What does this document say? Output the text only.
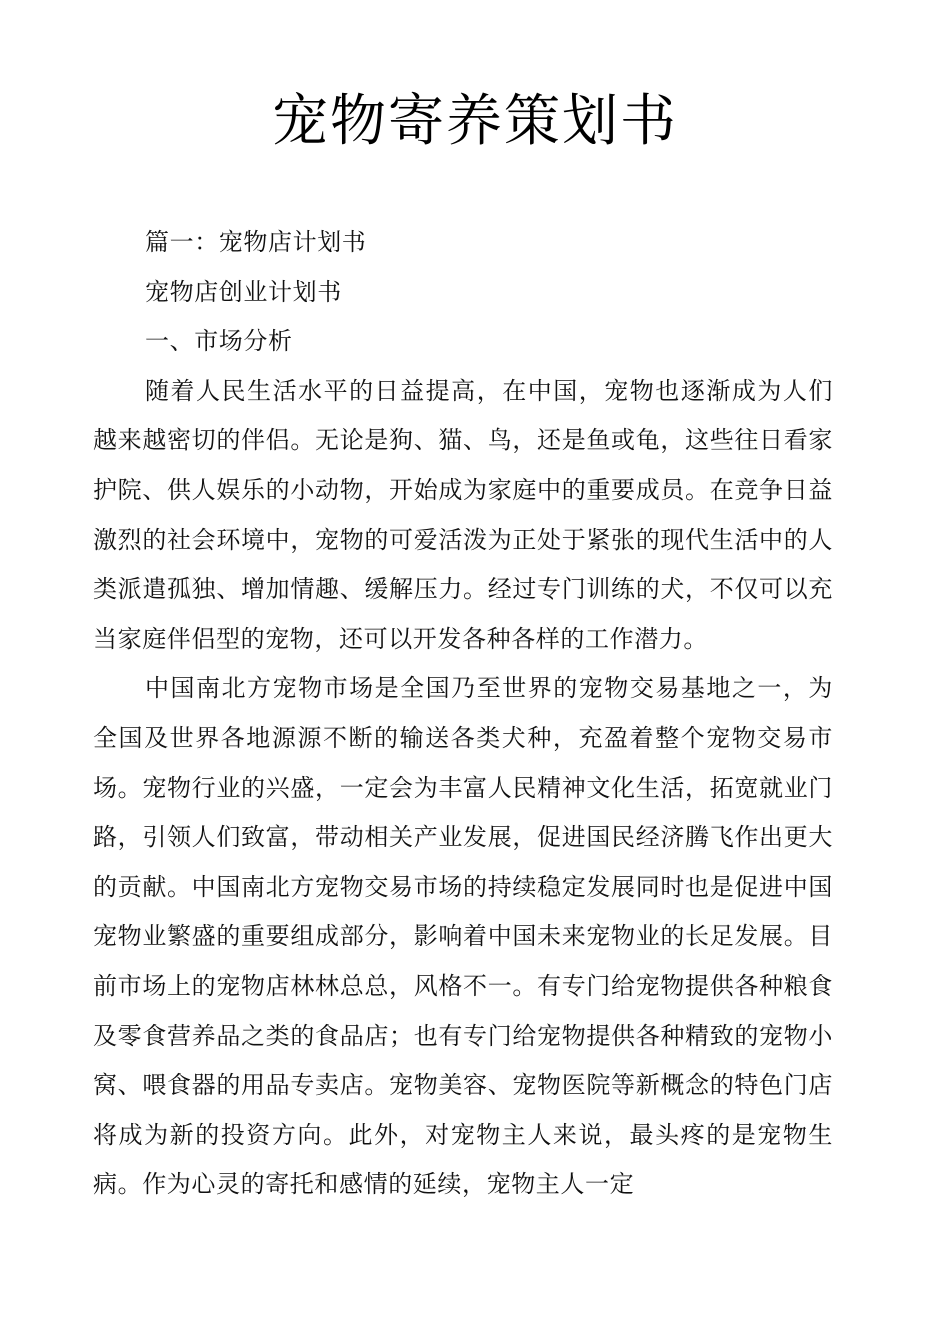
宠物寄养策划书

篇一：宠物店计划书

宠物店创业计划书

一、市场分析

随着人民生活水平的日益提高，在中国，宠物也逐渐成为人们越来越密切的伴侣。无论是狗、猫、鸟，还是鱼或龟，这些往日看家护院、供人娱乐的小动物，开始成为家庭中的重要成员。在竞争日益激烈的社会环境中，宠物的可爱活泼为正处于紧张的现代生活中的人类派遣孤独、增加情趣、缓解压力。经过专门训练的犬，不仅可以充当家庭伴侣型的宠物，还可以开发各种各样的工作潜力。

中国南北方宠物市场是全国乃至世界的宠物交易基地之一，为全国及世界各地源源不断的输送各类犬种，充盈着整个宠物交易市场。宠物行业的兴盛，一定会为丰富人民精神文化生活，拓宽就业门路，引领人们致富，带动相关产业发展，促进国民经济腾飞作出更大的贡献。中国南北方宠物交易市场的持续稳定发展同时也是促进中国宠物业繁盛的重要组成部分，影响着中国未来宠物业的长足发展。目前市场上的宠物店林林总总，风格不一。有专门给宠物提供各种粮食及零食营养品之类的食品店；也有专门给宠物提供各种精致的宠物小窝、喂食器的用品专卖店。宠物美容、宠物医院等新概念的特色门店将成为新的投资方向。此外，对宠物主人来说，最头疼的是宠物生病。作为心灵的寄托和感情的延续，宠物主人一定
